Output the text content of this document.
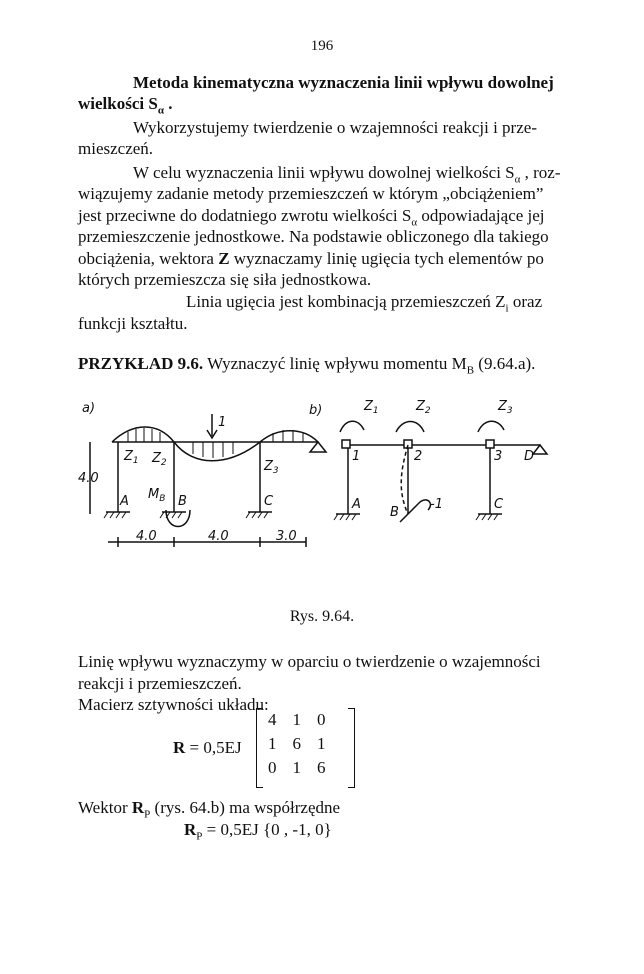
196
Metoda kinematyczna wyznaczenia linii wpływu dowolnej
wielkości $S_\alpha$ .
Wykorzystujemy twierdzenie o wzajemności reakcji i prze-
mieszczeń.
W celu wyznaczenia linii wpływu dowolnej wielkości $S_\alpha$ , roz-
wiązujemy zadanie metody przemieszczeń w którym „obciążeniem”
jest przeciwne do dodatniego zwrotu wielkości $S_\alpha$ odpowiadające jej
przemieszczenie jednostkowe. Na podstawie obliczonego dla takiego
obciążenia, wektora Z wyznaczamy linię ugięcia tych elementów po
których przemieszcza się siła jednostkowa.
Linia ugięcia jest kombinacją przemieszczeń $Z_i$ oraz
funkcji kształtu.
PRZYKŁAD 9.6. Wyznaczyć linię wpływu momentu $M_B$ (9.64.a).
a)	b)
1
$Z_1$ $Z_2$	$Z_3$
$M_B$
4.0
A	B	C
4.0	4.0	3.0
$Z_1$	$Z_2$	$Z_3$
1	2	3 D
A
B
C
-1
Rys. 9.64.
Linię wpływu wyznaczymy w oparciu o twierdzenie o wzajemności
reakcji i przemieszczeń.
Macierz sztywności układu:
R = 0,5EJ
4	1	0
1	6	1
0	1	6
Wektor $R_P$ (rys. 64.b) ma współrzędne
$R_P = 0,5EJ$ {0 , -1, 0}
